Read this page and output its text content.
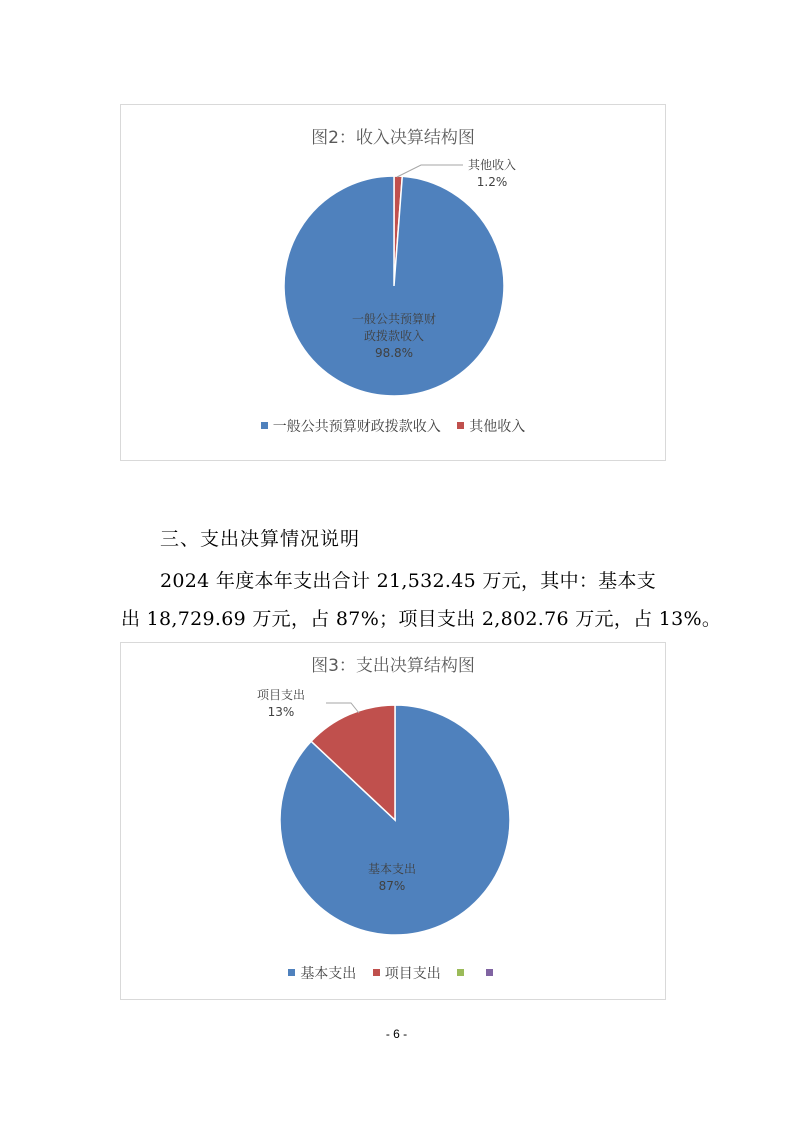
图2：收入决算结构图
一般公共预算财政拨款收入 98.8%
其他收入 1.2%
一般公共预算财政拨款收入 其他收入
三、支出决算情况说明
2024 年度本年支出合计 21,532.45 万元，其中：基本支
出 18,729.69 万元，占 87%；项目支出 2,802.76 万元，占 13%。
图3：支出决算结构图
基本支出 87%
项目支出 13%
基本支出 项目支出
- 6 -
